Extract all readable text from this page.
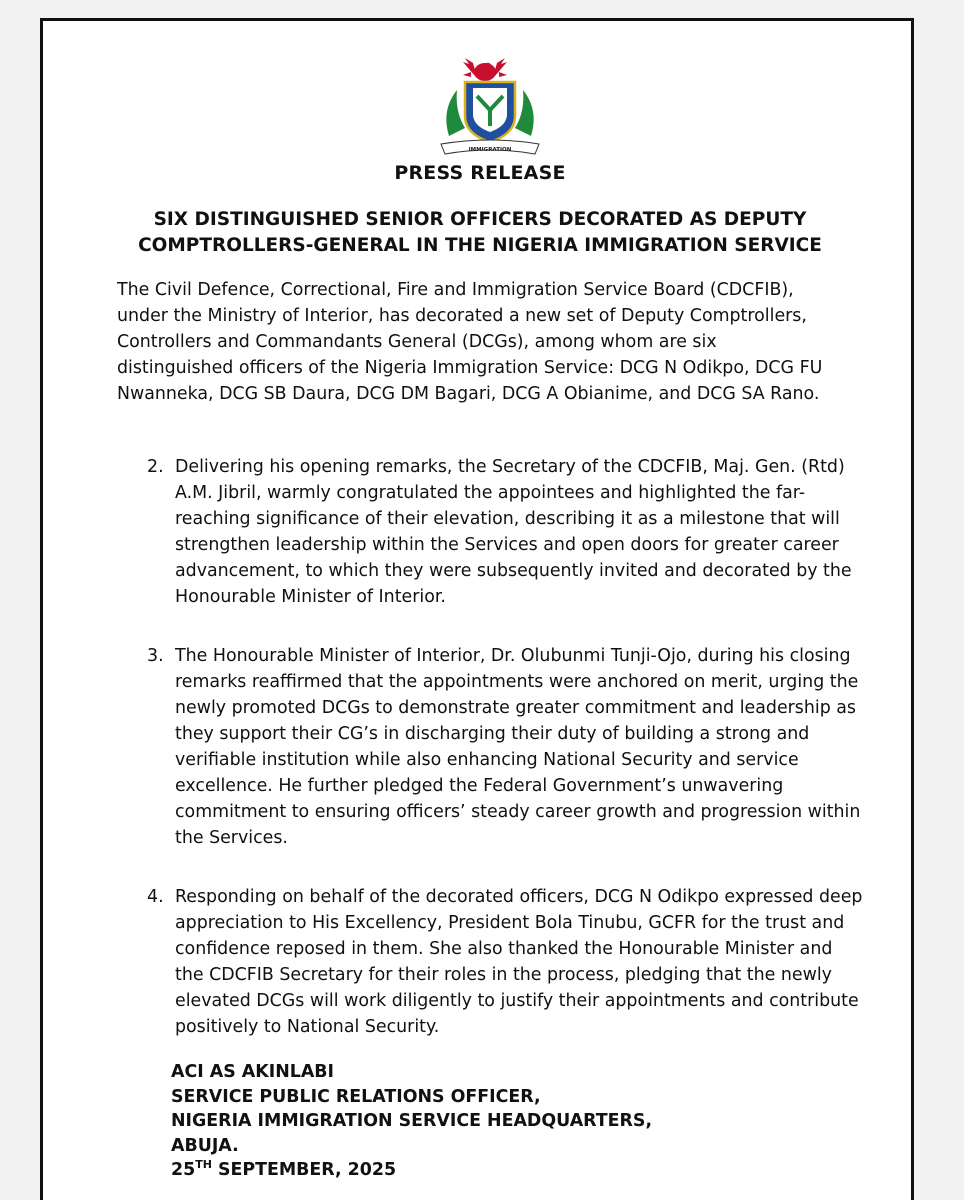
IMMIGRATION
PRESS RELEASE
SIX DISTINGUISHED SENIOR OFFICERS DECORATED AS DEPUTY
COMPTROLLERS-GENERAL IN THE NIGERIA IMMIGRATION SERVICE
The Civil Defence, Correctional, Fire and Immigration Service Board (CDCFIB), under the Ministry of Interior, has decorated a new set of Deputy Comptrollers, Controllers and Commandants General (DCGs), among whom are six distinguished officers of the Nigeria Immigration Service: DCG N Odikpo, DCG FU Nwanneka, DCG SB Daura, DCG DM Bagari, DCG A Obianime, and DCG SA Rano.
2. Delivering his opening remarks, the Secretary of the CDCFIB, Maj. Gen. (Rtd) A.M. Jibril, warmly congratulated the appointees and highlighted the far-reaching significance of their elevation, describing it as a milestone that will strengthen leadership within the Services and open doors for greater career advancement, to which they were subsequently invited and decorated by the Honourable Minister of Interior.
3. The Honourable Minister of Interior, Dr. Olubunmi Tunji-Ojo, during his closing remarks reaffirmed that the appointments were anchored on merit, urging the newly promoted DCGs to demonstrate greater commitment and leadership as they support their CG’s in discharging their duty of building a strong and verifiable institution while also enhancing National Security and service excellence. He further pledged the Federal Government’s unwavering commitment to ensuring officers’ steady career growth and progression within the Services.
4. Responding on behalf of the decorated officers, DCG N Odikpo expressed deep appreciation to His Excellency, President Bola Tinubu, GCFR for the trust and confidence reposed in them. She also thanked the Honourable Minister and the CDCFIB Secretary for their roles in the process, pledging that the newly elevated DCGs will work diligently to justify their appointments and contribute positively to National Security.
ACI AS AKINLABI
SERVICE PUBLIC RELATIONS OFFICER,
NIGERIA IMMIGRATION SERVICE HEADQUARTERS,
ABUJA.
25TH SEPTEMBER, 2025
